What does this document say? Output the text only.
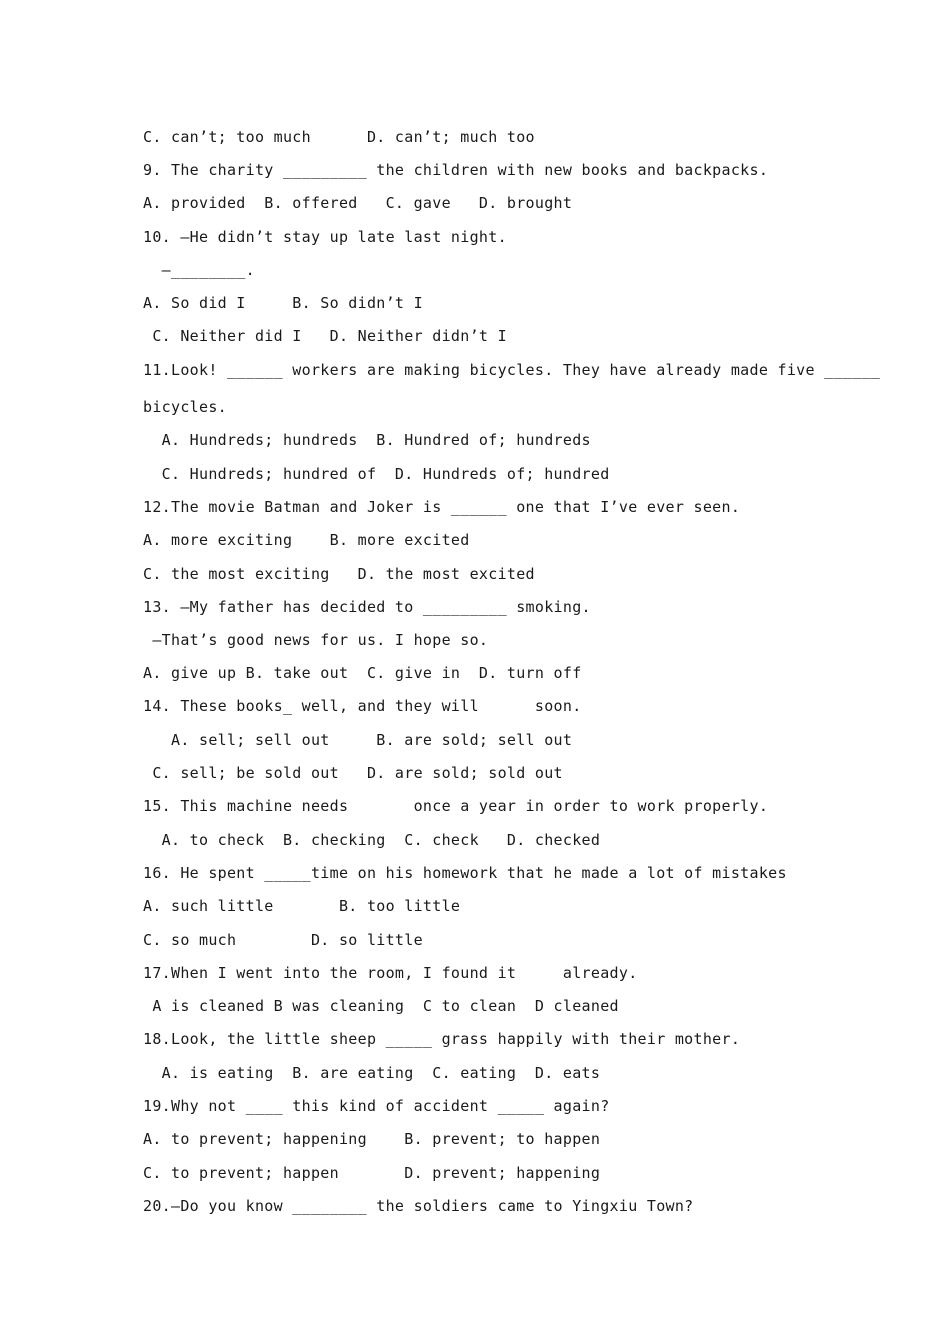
C. can’t; too much      D. can’t; much too
9. The charity _________ the children with new books and backpacks.
A. provided  B. offered   C. gave   D. brought
10. —He didn’t stay up late last night.
—________.
A. So did I     B. So didn’t I
C. Neither did I   D. Neither didn’t I
11.Look! ______ workers are making bicycles. They have already made five ______
bicycles.
A. Hundreds; hundreds  B. Hundred of; hundreds
C. Hundreds; hundred of  D. Hundreds of; hundred
12.The movie Batman and Joker is ______ one that I’ve ever seen.
A. more exciting    B. more excited
C. the most exciting   D. the most excited
13. —My father has decided to _________ smoking.
—That’s good news for us. I hope so.
A. give up B. take out  C. give in  D. turn off
14. These books_ well, and they will      soon.
A. sell; sell out     B. are sold; sell out
C. sell; be sold out   D. are sold; sold out
15. This machine needs       once a year in order to work properly.
A. to check  B. checking  C. check   D. checked
16. He spent _____time on his homework that he made a lot of mistakes
A. such little       B. too little
C. so much        D. so little
17.When I went into the room, I found it     already.
A is cleaned B was cleaning  C to clean  D cleaned
18.Look, the little sheep _____ grass happily with their mother.
A. is eating  B. are eating  C. eating  D. eats
19.Why not ____ this kind of accident _____ again?
A. to prevent; happening    B. prevent; to happen
C. to prevent; happen       D. prevent; happening
20.—Do you know ________ the soldiers came to Yingxiu Town?
